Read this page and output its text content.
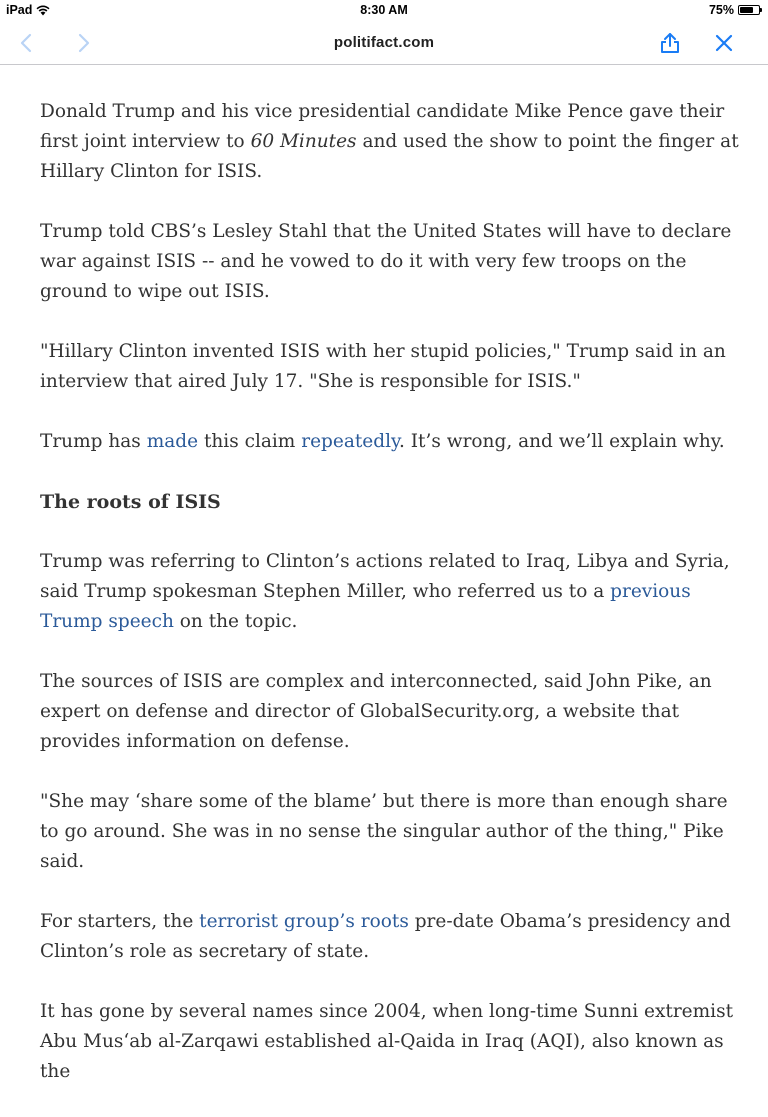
iPad	8:30 AM	75%
politifact.com

Donald Trump and his vice presidential candidate Mike Pence gave their first joint interview to 60 Minutes and used the show to point the finger at Hillary Clinton for ISIS.

Trump told CBS’s Lesley Stahl that the United States will have to declare war against ISIS -- and he vowed to do it with very few troops on the ground to wipe out ISIS.

"Hillary Clinton invented ISIS with her stupid policies," Trump said in an interview that aired July 17. "She is responsible for ISIS."

Trump has made this claim repeatedly. It’s wrong, and we’ll explain why.

The roots of ISIS

Trump was referring to Clinton’s actions related to Iraq, Libya and Syria, said Trump spokesman Stephen Miller, who referred us to a previous Trump speech on the topic.

The sources of ISIS are complex and interconnected, said John Pike, an expert on defense and director of GlobalSecurity.org, a website that provides information on defense.

"She may ‘share some of the blame’ but there is more than enough share to go around. She was in no sense the singular author of the thing," Pike said.

For starters, the terrorist group’s roots pre-date Obama’s presidency and Clinton’s role as secretary of state.

It has gone by several names since 2004, when long-time Sunni extremist Abu Mus‘ab al-Zarqawi established al-Qaida in Iraq (AQI), also known as the
